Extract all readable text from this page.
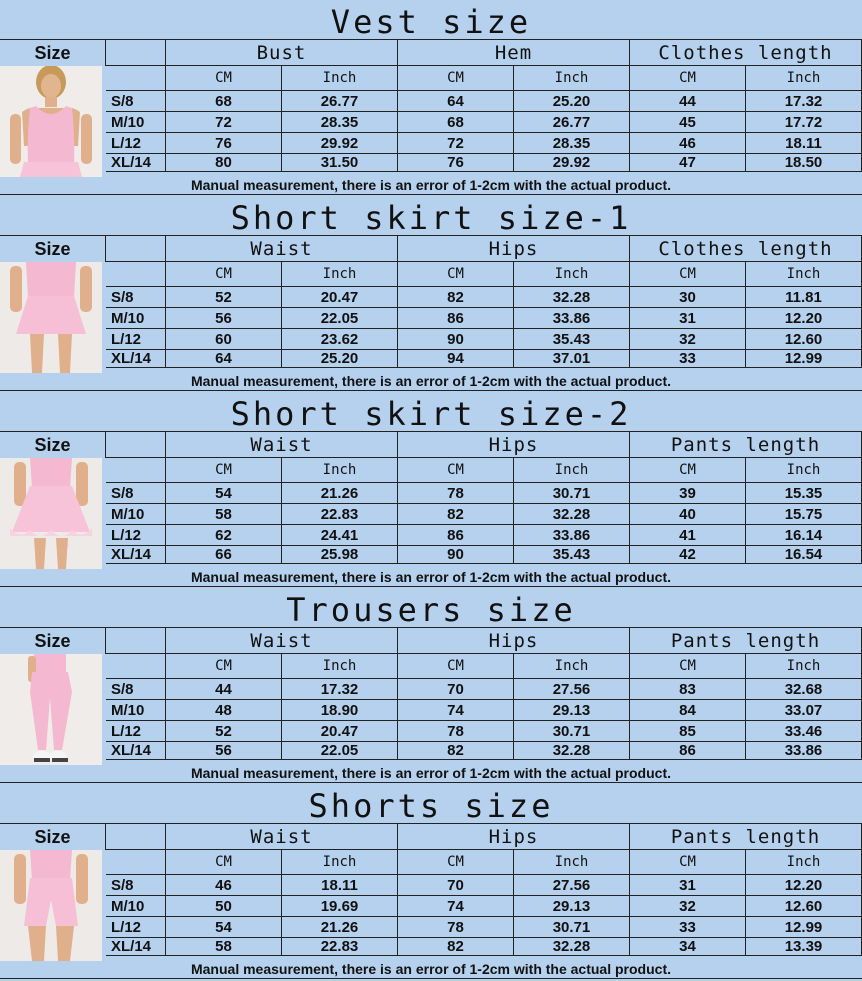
Vest size
Size	Bust	Hem	Clothes length
CM	Inch	CM	Inch	CM	Inch
S/8	68	26.77	64	25.20	44	17.32
M/10	72	28.35	68	26.77	45	17.72
L/12	76	29.92	72	28.35	46	18.11
XL/14	80	31.50	76	29.92	47	18.50
Manual measurement, there is an error of 1-2cm with the actual product.
Short skirt size-1
Size	Waist	Hips	Clothes length
CM	Inch	CM	Inch	CM	Inch
S/8	52	20.47	82	32.28	30	11.81
M/10	56	22.05	86	33.86	31	12.20
L/12	60	23.62	90	35.43	32	12.60
XL/14	64	25.20	94	37.01	33	12.99
Manual measurement, there is an error of 1-2cm with the actual product.
Short skirt size-2
Size	Waist	Hips	Pants length
CM	Inch	CM	Inch	CM	Inch
S/8	54	21.26	78	30.71	39	15.35
M/10	58	22.83	82	32.28	40	15.75
L/12	62	24.41	86	33.86	41	16.14
XL/14	66	25.98	90	35.43	42	16.54
Manual measurement, there is an error of 1-2cm with the actual product.
Trousers size
Size	Waist	Hips	Pants length
CM	Inch	CM	Inch	CM	Inch
S/8	44	17.32	70	27.56	83	32.68
M/10	48	18.90	74	29.13	84	33.07
L/12	52	20.47	78	30.71	85	33.46
XL/14	56	22.05	82	32.28	86	33.86
Manual measurement, there is an error of 1-2cm with the actual product.
Shorts size
Size	Waist	Hips	Pants length
CM	Inch	CM	Inch	CM	Inch
S/8	46	18.11	70	27.56	31	12.20
M/10	50	19.69	74	29.13	32	12.60
L/12	54	21.26	78	30.71	33	12.99
XL/14	58	22.83	82	32.28	34	13.39
Manual measurement, there is an error of 1-2cm with the actual product.
